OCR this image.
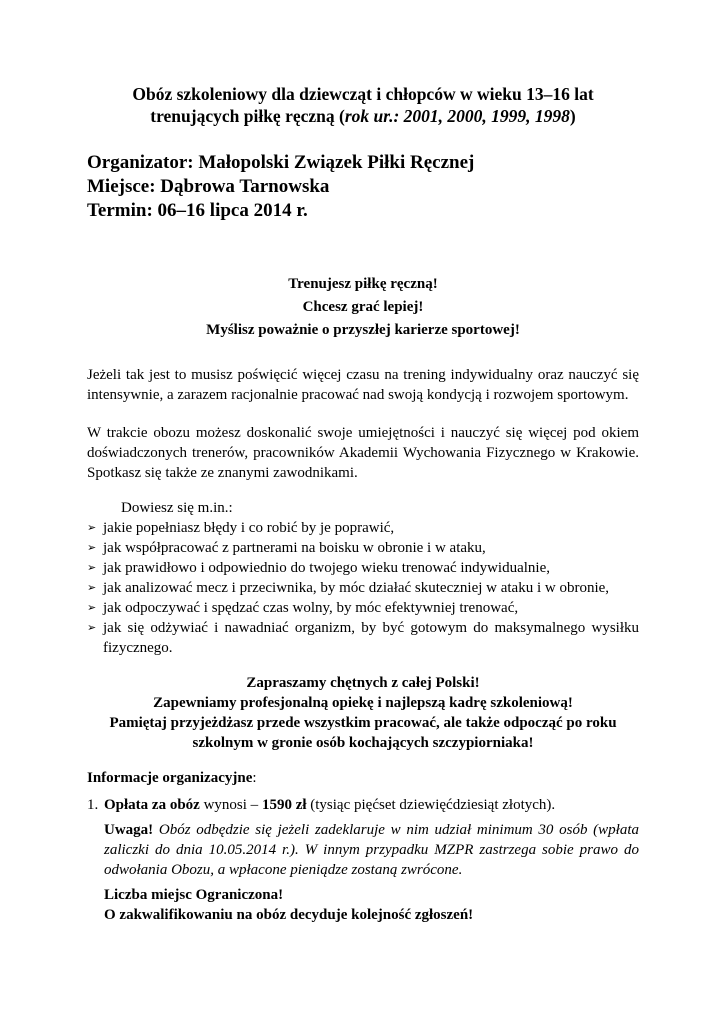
Obóz szkoleniowy dla dziewcząt i chłopców w wieku 13–16 lat
trenujących piłkę ręczną (rok ur.: 2001, 2000, 1999, 1998)
Organizator: Małopolski Związek Piłki Ręcznej
Miejsce: Dąbrowa Tarnowska
Termin: 06–16 lipca 2014 r.
Trenujesz piłkę ręczną!
Chcesz grać lepiej!
Myślisz poważnie o przyszłej karierze sportowej!
Jeżeli tak jest to musisz poświęcić więcej czasu na trening indywidualny oraz nauczyć się intensywnie, a zarazem racjonalnie pracować nad swoją kondycją i rozwojem sportowym.
W trakcie obozu możesz doskonalić swoje umiejętności i nauczyć się więcej pod okiem doświadczonych trenerów, pracowników Akademii Wychowania Fizycznego w Krakowie. Spotkasz się także ze znanymi zawodnikami.
Dowiesz się m.in.:
➢ jakie popełniasz błędy i co robić by je poprawić,
➢ jak współpracować z partnerami na boisku w obronie i w ataku,
➢ jak prawidłowo i odpowiednio do twojego wieku trenować indywidualnie,
➢ jak analizować mecz i przeciwnika, by móc działać skuteczniej w ataku i w obronie,
➢ jak odpoczywać i spędzać czas wolny, by móc efektywniej trenować,
➢ jak się odżywiać i nawadniać organizm, by być gotowym do maksymalnego wysiłku fizycznego.
Zapraszamy chętnych z całej Polski!
Zapewniamy profesjonalną opiekę i najlepszą kadrę szkoleniową!
Pamiętaj przyjeżdżasz przede wszystkim pracować, ale także odpocząć po roku
szkolnym w gronie osób kochających szczypiorniaka!
Informacje organizacyjne:
1. Opłata za obóz wynosi – 1590 zł (tysiąc pięćset dziewięćdziesiąt złotych).
Uwaga! Obóz odbędzie się jeżeli zadeklaruje w nim udział minimum 30 osób (wpłata zaliczki do dnia 10.05.2014 r.). W innym przypadku MZPR zastrzega sobie prawo do odwołania Obozu, a wpłacone pieniądze zostaną zwrócone.
Liczba miejsc Ograniczona!
O zakwalifikowaniu na obóz decyduje kolejność zgłoszeń!
